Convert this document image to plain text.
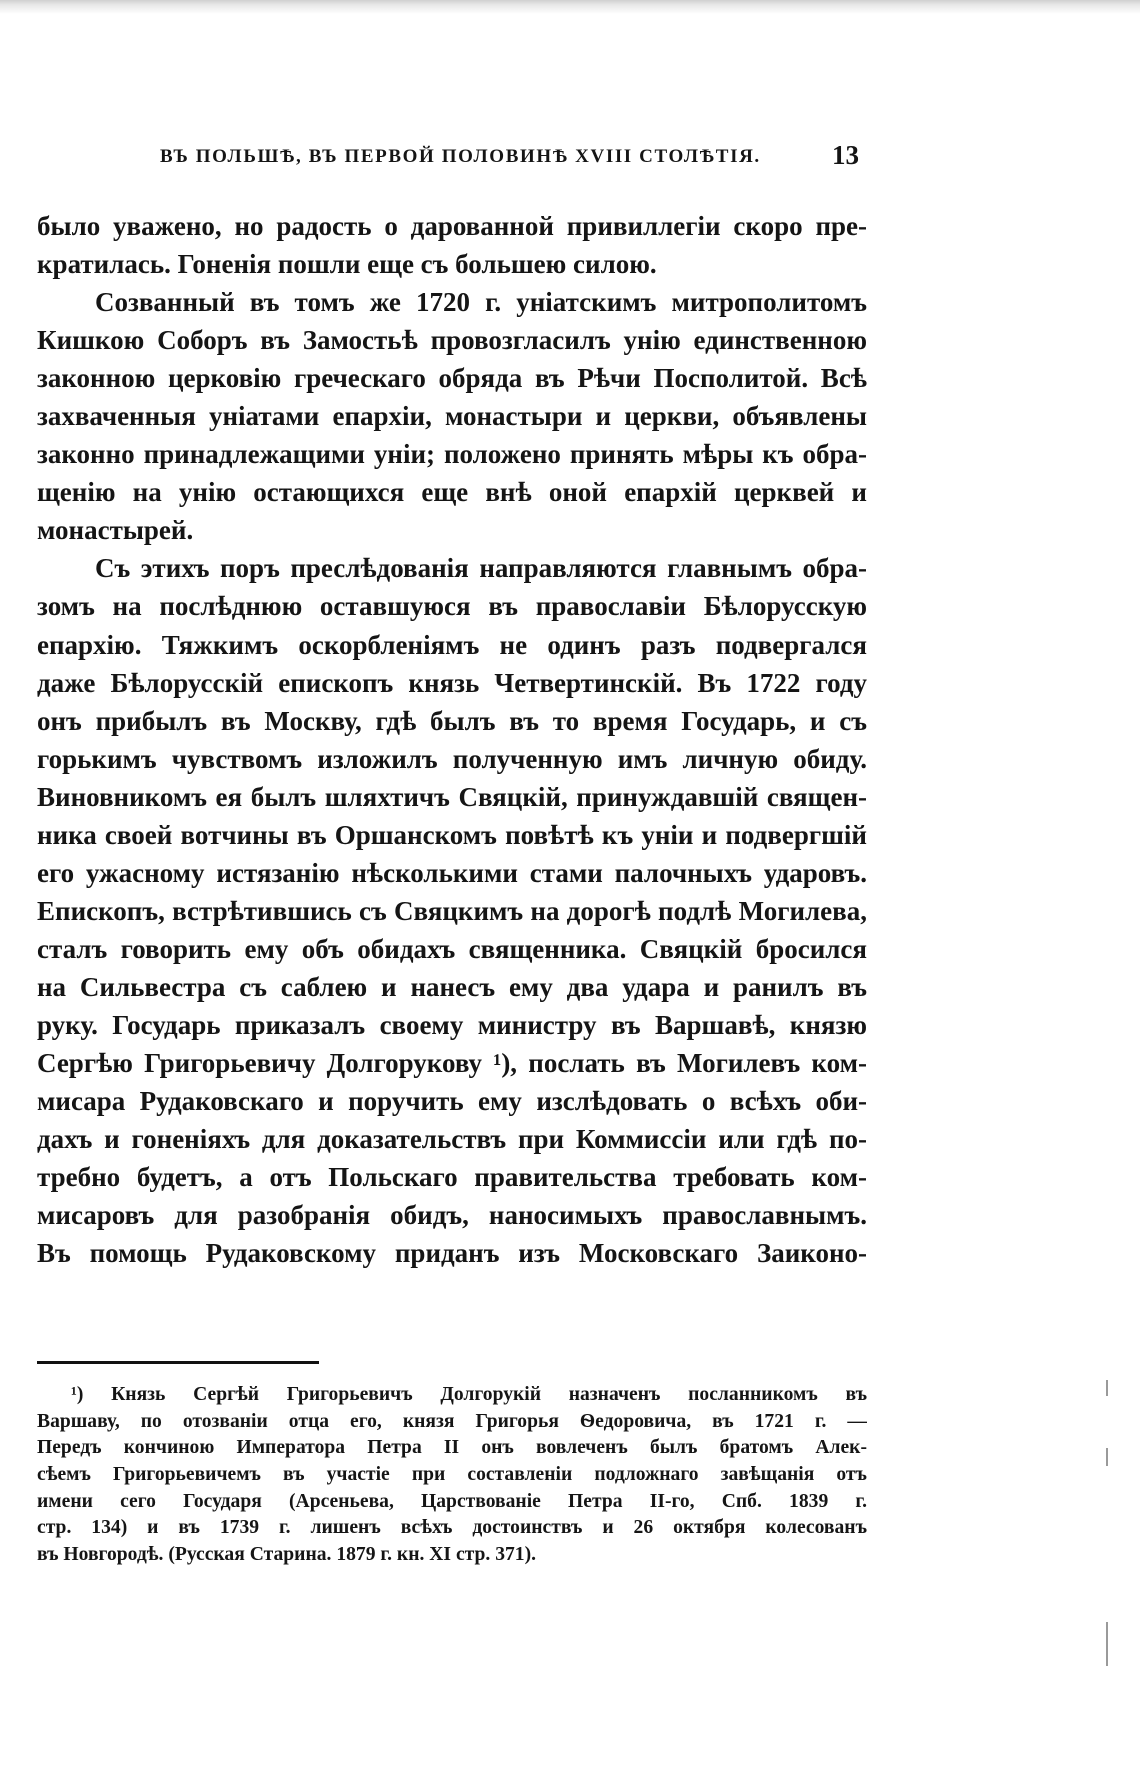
ВЪ ПОЛЬШѢ, ВЪ ПЕРВОЙ ПОЛОВИНѢ XVIII СТОЛѢТІЯ.	13
было уважено, но радость о дарованной привиллегіи скоро пре-
кратилась. Гоненія пошли еще съ большею силою.
Созванный въ томъ же 1720 г. уніатскимъ митрополитомъ
Кишкою Соборъ въ Замостьѣ провозгласилъ унію единственною
законною церковію греческаго обряда въ Рѣчи Посполитой. Всѣ
захваченныя уніатами епархіи, монастыри и церкви, объявлены
законно принадлежащими уніи; положено принять мѣры къ обра-
щенію на унію остающихся еще внѣ оной епархій церквей и
монастырей.
Съ этихъ поръ преслѣдованія направляются главнымъ обра-
зомъ на послѣднюю оставшуюся въ православіи Бѣлорусскую
епархію. Тяжкимъ оскорбленіямъ не одинъ разъ подвергался
даже Бѣлорусскій епископъ князь Четвертинскій. Въ 1722 году
онъ прибылъ въ Москву, гдѣ былъ въ то время Государь, и съ
горькимъ чувствомъ изложилъ полученную имъ личную обиду.
Виновникомъ ея былъ шляхтичъ Свяцкій, принуждавшій священ-
ника своей вотчины въ Оршанскомъ повѣтѣ къ уніи и подвергшій
его ужасному истязанію нѣсколькими стами палочныхъ ударовъ.
Епископъ, встрѣтившись съ Свяцкимъ на дорогѣ подлѣ Могилева,
сталъ говорить ему объ обидахъ священника. Свяцкій бросился
на Сильвестра съ саблею и нанесъ ему два удара и ранилъ въ
руку. Государь приказалъ своему министру въ Варшавѣ, князю
Сергѣю Григорьевичу Долгорукову ¹), послать въ Могилевъ ком-
мисара Рудаковскаго и поручить ему изслѣдовать о всѣхъ оби-
дахъ и гоненіяхъ для доказательствъ при Коммиссіи или гдѣ по-
требно будетъ, а отъ Польскаго правительства требовать ком-
мисаровъ для разобранія обидъ, наносимыхъ православнымъ.
Въ помощь Рудаковскому приданъ изъ Московскаго Заиконо-
¹) Князь Сергѣй Григорьевичъ Долгорукій назначенъ посланникомъ въ
Варшаву, по отозваніи отца его, князя Григорья Ѳедоровича, въ 1721 г. —
Передъ кончиною Императора Петра II онъ вовлеченъ былъ братомъ Алек-
сѣемъ Григорьевичемъ въ участіе при составленіи подложнаго завѣщанія отъ
имени сего Государя (Арсеньева, Царствованіе Петра II-го, Спб. 1839 г.
стр. 134) и въ 1739 г. лишенъ всѣхъ достоинствъ и 26 октября колесованъ
въ Новгородѣ. (Русская Старина. 1879 г. кн. XI стр. 371).
